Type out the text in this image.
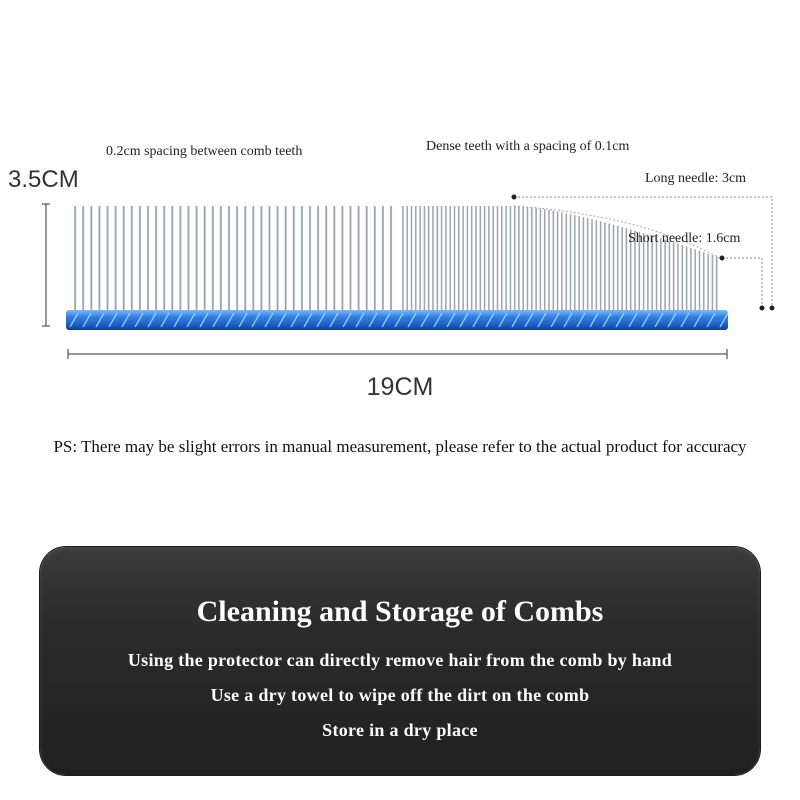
0.2cm spacing between comb teeth	Dense teeth with a spacing of 0.1cm
Long needle: 3cm
Short needle: 1.6cm
3.5CM
19CM
PS: There may be slight errors in manual measurement, please refer to the actual product for accuracy
Cleaning and Storage of Combs
Using the protector can directly remove hair from the comb by hand
Use a dry towel to wipe off the dirt on the comb
Store in a dry place
